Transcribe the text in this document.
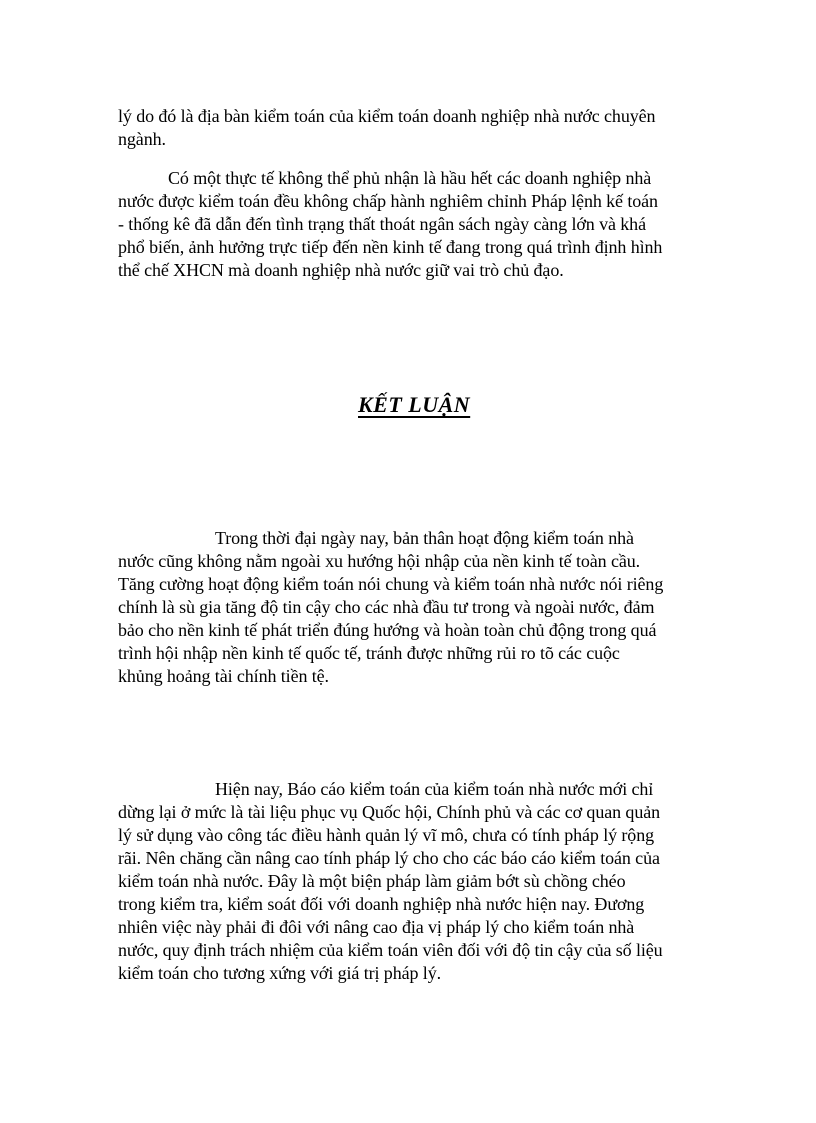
lý do đó là địa bàn kiểm toán của kiểm toán doanh nghiệp nhà nước chuyên
ngành.
Có một thực tế không thể phủ nhận là hầu hết các doanh nghiệp nhà
nước được kiểm toán đều không chấp hành nghiêm chỉnh Pháp lệnh kế toán
- thống kê đã dẫn đến tình trạng thất thoát ngân sách ngày càng lớn và khá
phổ biến, ảnh hưởng trực tiếp đến nền kinh tế đang trong quá trình định hình
thể chế XHCN mà doanh nghiệp nhà nước giữ vai trò chủ đạo.
KẾT LUẬN
Trong thời đại ngày nay, bản thân hoạt động kiểm toán nhà
nước cũng không nằm ngoài xu hướng hội nhập của nền kinh tế toàn cầu.
Tăng cường hoạt động kiểm toán nói chung và kiểm toán nhà nước nói riêng
chính là sù gia tăng độ tin cậy cho các nhà đầu tư trong và ngoài nước, đảm
bảo cho nền kinh tế phát triển đúng hướng và hoàn toàn chủ động trong quá
trình hội nhập nền kinh tế quốc tế, tránh được những rủi ro tõ các cuộc
khủng hoảng tài chính tiền tệ.
Hiện nay, Báo cáo kiểm toán của kiểm toán nhà nước mới chỉ
dừng lại ở mức là tài liệu phục vụ Quốc hội, Chính phủ và các cơ quan quản
lý sử dụng vào công tác điều hành quản lý vĩ mô, chưa có tính pháp lý rộng
rãi. Nên chăng cần nâng cao tính pháp lý cho cho các báo cáo kiểm toán của
kiểm toán nhà nước. Đây là một biện pháp làm giảm bớt sù chồng chéo
trong kiểm tra, kiểm soát đối với doanh nghiệp nhà nước hiện nay. Đương
nhiên việc này phải đi đôi với nâng cao địa vị pháp lý cho kiểm toán nhà
nước, quy định trách nhiệm của kiểm toán viên đối với độ tin cậy của số liệu
kiểm toán cho tương xứng với giá trị pháp lý.
